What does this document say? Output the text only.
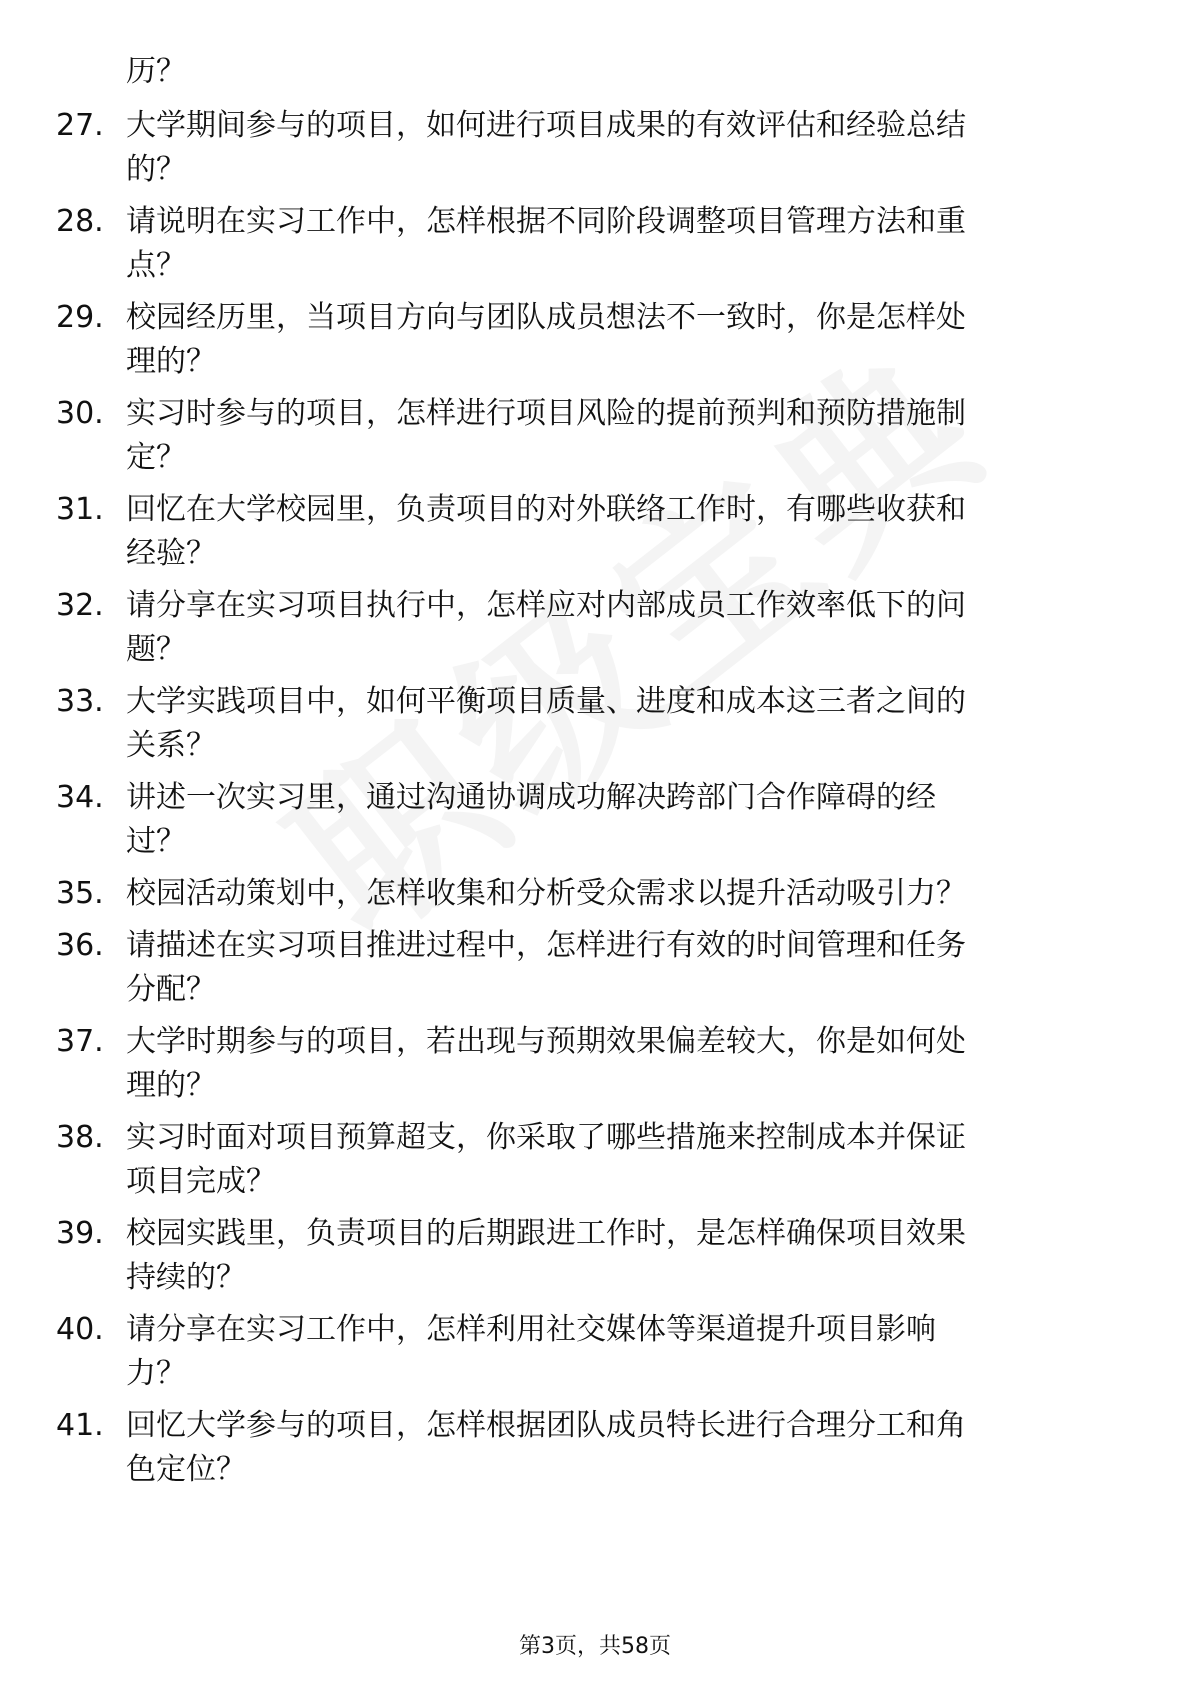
历？
27. 大学期间参与的项目，如何进行项目成果的有效评估和经验总结
的？
28. 请说明在实习工作中，怎样根据不同阶段调整项目管理方法和重
点？
29. 校园经历里，当项目方向与团队成员想法不一致时，你是怎样处
理的？
30. 实习时参与的项目，怎样进行项目风险的提前预判和预防措施制
定？
31. 回忆在大学校园里，负责项目的对外联络工作时，有哪些收获和
经验？
32. 请分享在实习项目执行中，怎样应对内部成员工作效率低下的问
题？
33. 大学实践项目中，如何平衡项目质量、进度和成本这三者之间的
关系？
34. 讲述一次实习里，通过沟通协调成功解决跨部门合作障碍的经
过？
35. 校园活动策划中，怎样收集和分析受众需求以提升活动吸引力？
36. 请描述在实习项目推进过程中，怎样进行有效的时间管理和任务
分配？
37. 大学时期参与的项目，若出现与预期效果偏差较大，你是如何处
理的？
38. 实习时面对项目预算超支，你采取了哪些措施来控制成本并保证
项目完成？
39. 校园实践里，负责项目的后期跟进工作时，是怎样确保项目效果
持续的？
40. 请分享在实习工作中，怎样利用社交媒体等渠道提升项目影响
力？
41. 回忆大学参与的项目，怎样根据团队成员特长进行合理分工和角
色定位？
第3页，共58页
